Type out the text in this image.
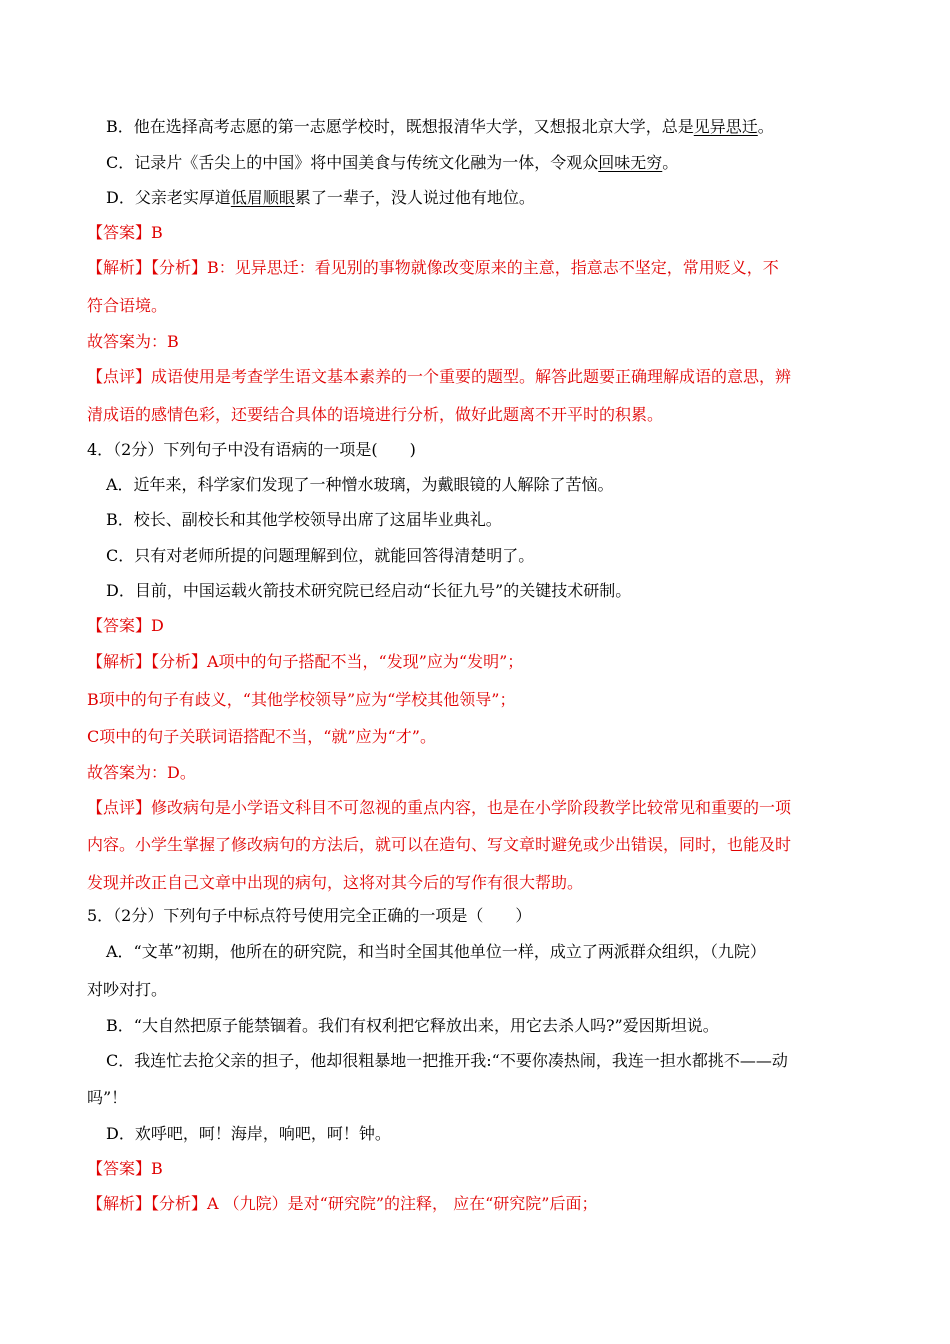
B．他在选择高考志愿的第一志愿学校时，既想报清华大学，又想报北京大学，总是见异思迁。
C．记录片《舌尖上的中国》将中国美食与传统文化融为一体，令观众回味无穷。
D．父亲老实厚道低眉顺眼累了一辈子，没人说过他有地位。
【答案】B
【解析】【分析】B：见异思迁：看见别的事物就像改变原来的主意，指意志不坚定，常用贬义，不
符合语境。
故答案为：B
【点评】成语使用是考查学生语文基本素养的一个重要的题型。解答此题要正确理解成语的意思，辨
清成语的感情色彩，还要结合具体的语境进行分析，做好此题离不开平时的积累。
4．（2分）下列句子中没有语病的一项是(　　)
A．近年来，科学家们发现了一种憎水玻璃，为戴眼镜的人解除了苦恼。
B．校长、副校长和其他学校领导出席了这届毕业典礼。
C．只有对老师所提的问题理解到位，就能回答得清楚明了。
D．目前，中国运载火箭技术研究院已经启动“长征九号”的关键技术研制。
【答案】D
【解析】【分析】A项中的句子搭配不当，“发现”应为“发明”；
B项中的句子有歧义，“其他学校领导”应为“学校其他领导”；
C项中的句子关联词语搭配不当，“就”应为“才”。
故答案为：D。
【点评】修改病句是小学语文科目不可忽视的重点内容，也是在小学阶段教学比较常见和重要的一项
内容。小学生掌握了修改病句的方法后，就可以在造句、写文章时避免或少出错误，同时，也能及时
发现并改正自己文章中出现的病句，这将对其今后的写作有很大帮助。
5．（2分）下列句子中标点符号使用完全正确的一项是（　　）
A．“文革”初期，他所在的研究院，和当时全国其他单位一样，成立了两派群众组织，（九院）
对吵对打。
B．“大自然把原子能禁锢着。我们有权利把它释放出来，用它去杀人吗?”爱因斯坦说。
C．我连忙去抢父亲的担子，他却很粗暴地一把推开我:“不要你凑热闹，我连一担水都挑不——动
吗”！
D．欢呼吧，呵！海岸，响吧，呵！钟。
【答案】B
【解析】【分析】A （九院）是对“研究院”的注释， 应在“研究院”后面；
